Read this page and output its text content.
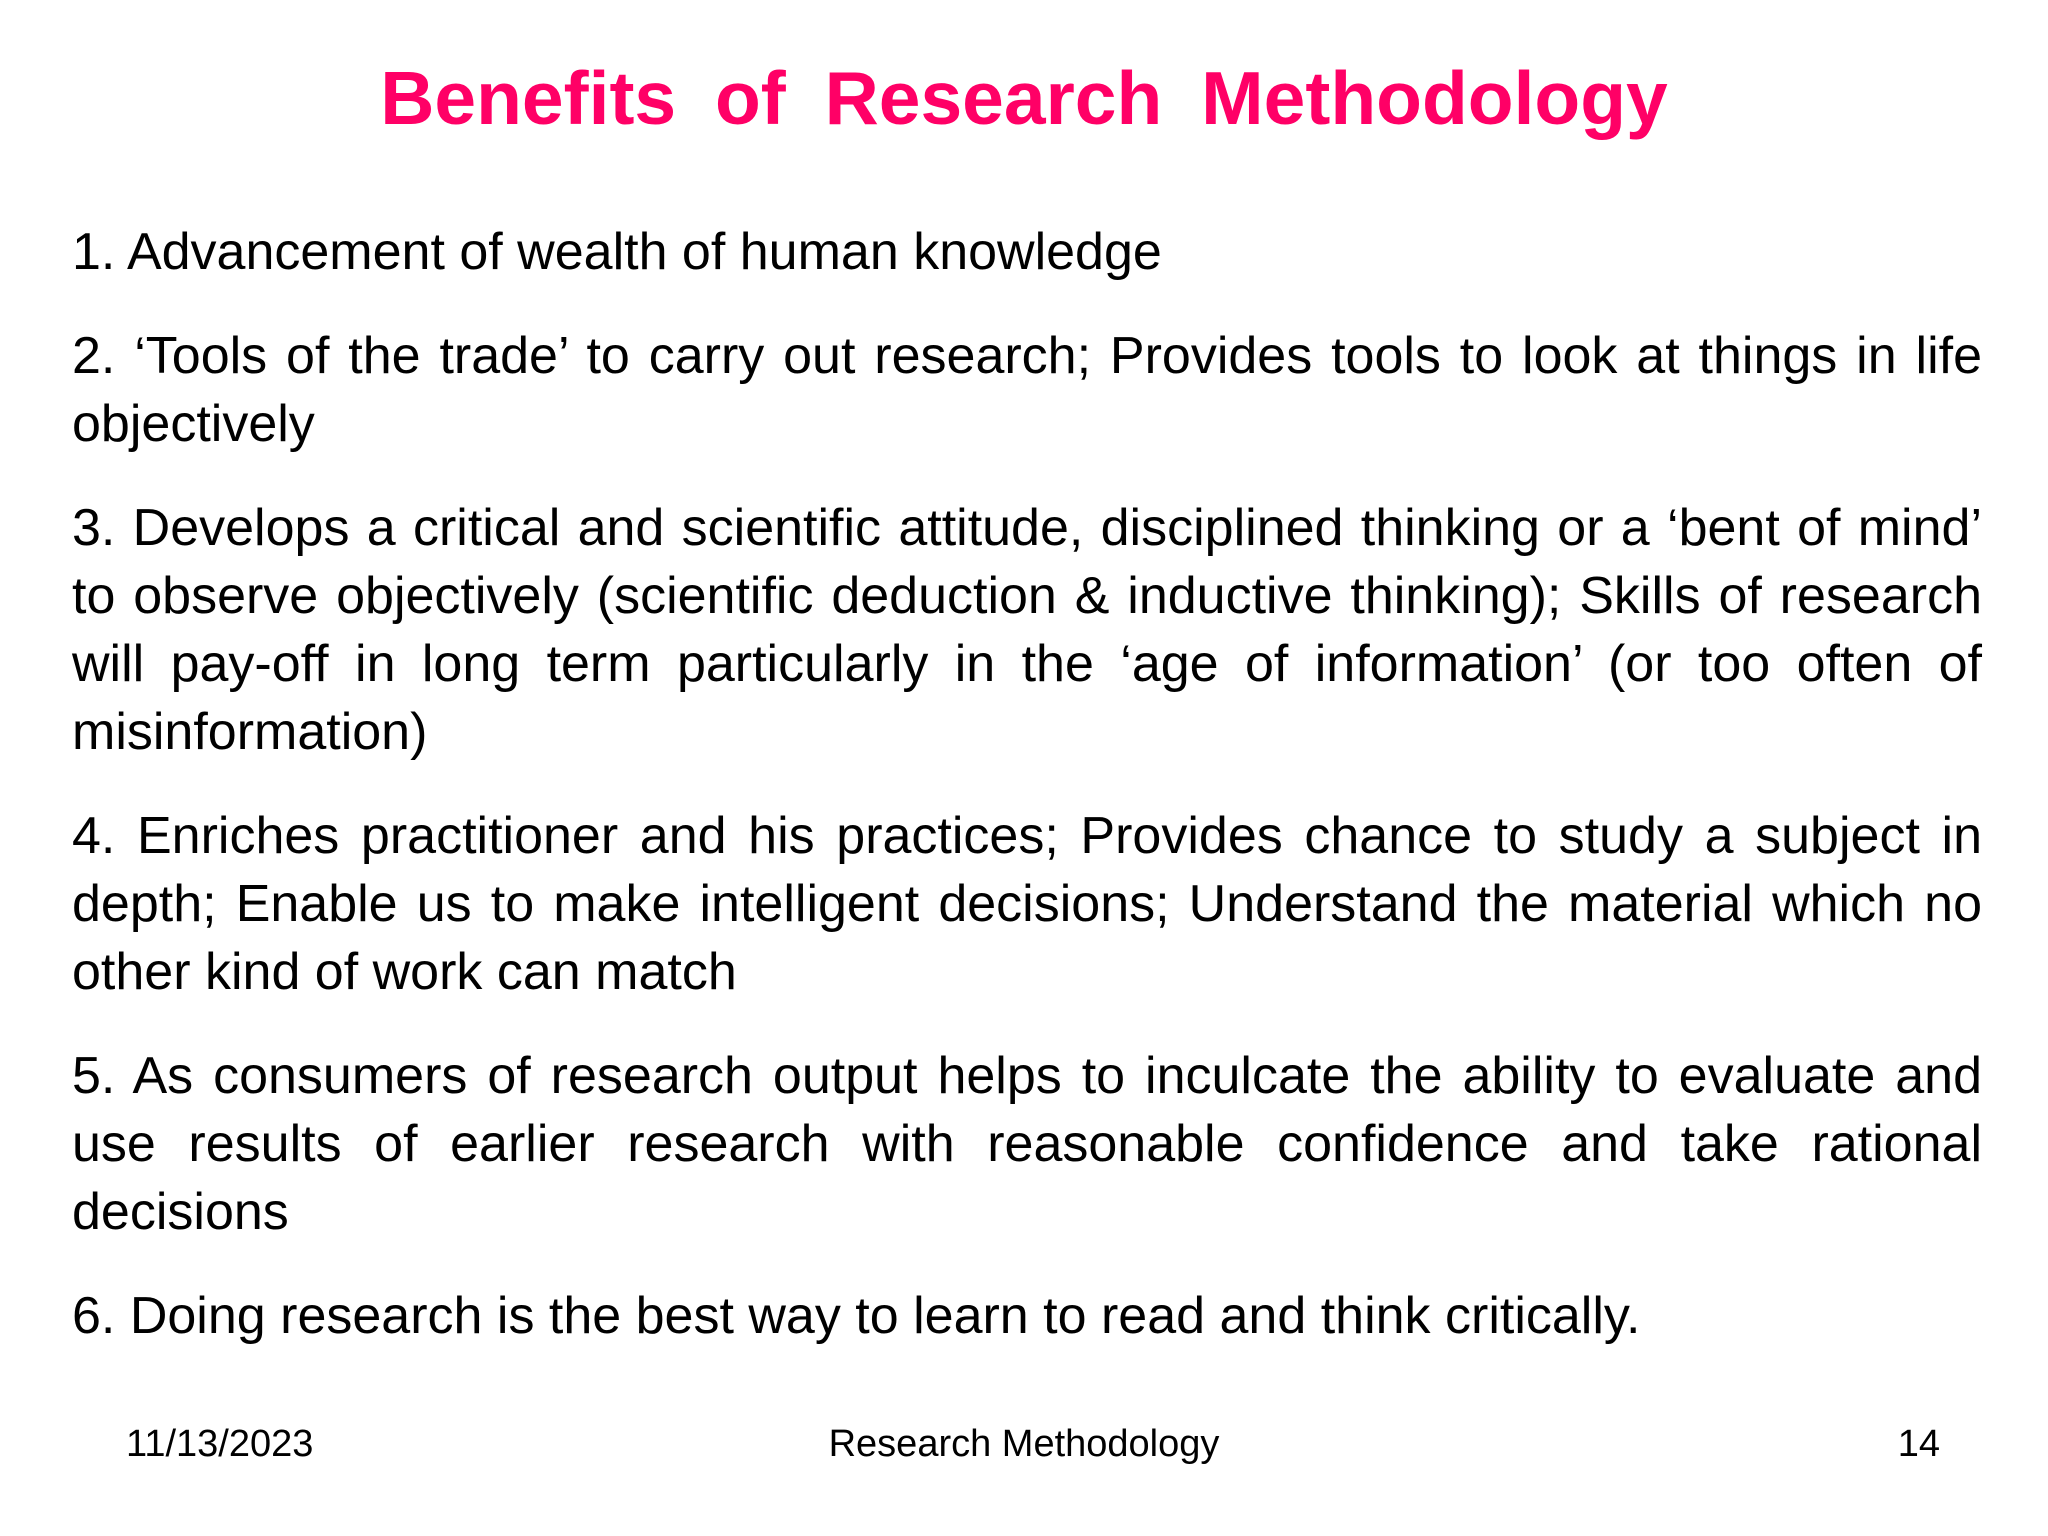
Benefits of Research Methodology
1. Advancement of wealth of human knowledge
2. ‘Tools of the trade’ to carry out research; Provides tools to look at things in life objectively
3. Develops a critical and scientific attitude, disciplined thinking or a ‘bent of mind’ to observe objectively (scientific deduction & inductive thinking); Skills of research will pay-off in long term particularly in the ‘age of information’ (or too often of misinformation)
4. Enriches practitioner and his practices; Provides chance to study a subject in depth; Enable us to make intelligent decisions; Understand the material which no other kind of work can match
5. As consumers of research output helps to inculcate the ability to evaluate and use results of earlier research with reasonable confidence and take rational decisions
6. Doing research is the best way to learn to read and think critically.
11/13/2023	Research Methodology	14
